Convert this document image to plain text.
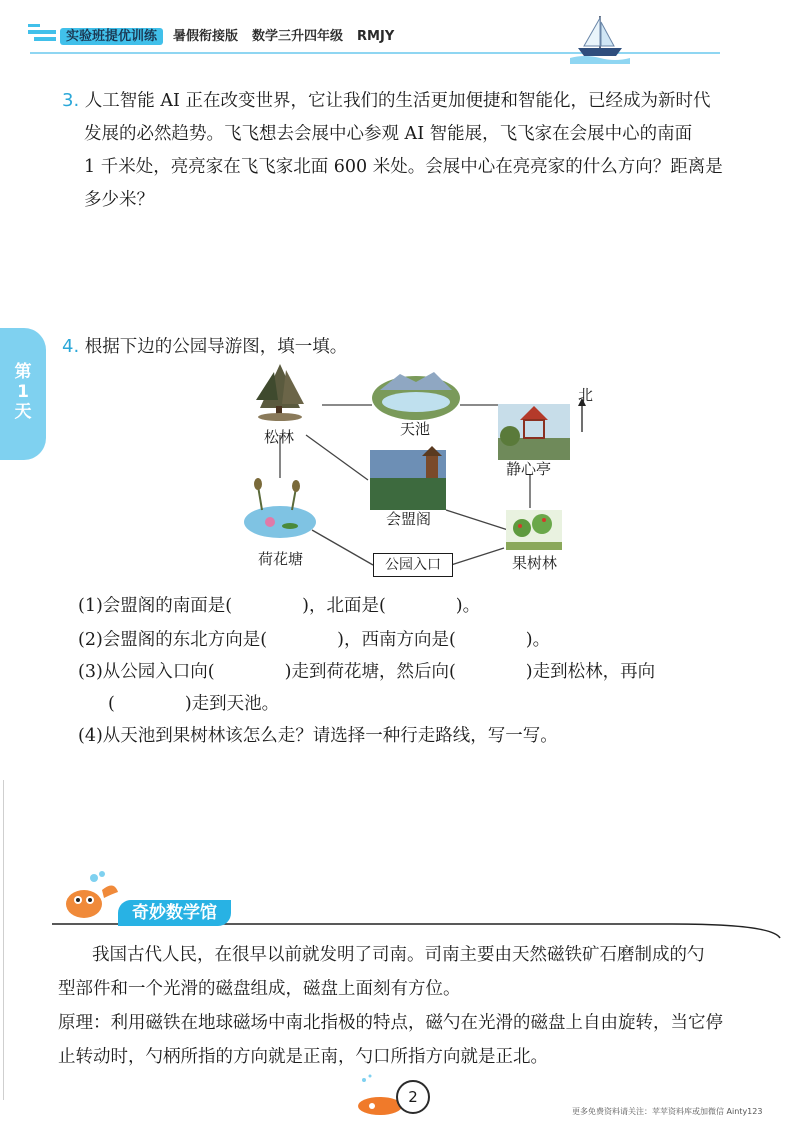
实验班提优训练 暑假衔接版 数学三升四年级 RMJY
第
1
天
3. 人工智能 AI 正在改变世界，它让我们的生活更加便捷和智能化，已经成为新时代
发展的必然趋势。飞飞想去会展中心参观 AI 智能展，飞飞家在会展中心的南面
1 千米处，亮亮家在飞飞家北面 600 米处。会展中心在亮亮家的什么方向？距离是
多少米？
4. 根据下边的公园导游图，填一填。
北
松林	天池
静心亭
会盟阁
荷花塘	果树林
公园入口
(1)会盟阁的南面是(　　　　)，北面是(　　　　)。
(2)会盟阁的东北方向是(　　　　)，西南方向是(　　　　)。
(3)从公园入口向(　　　　)走到荷花塘，然后向(　　　　)走到松林，再向
(　　　　)走到天池。
(4)从天池到果树林该怎么走？请选择一种行走路线，写一写。
奇妙数学馆
我国古代人民，在很早以前就发明了司南。司南主要由天然磁铁矿石磨制成的勺
型部件和一个光滑的磁盘组成，磁盘上面刻有方位。
原理：利用磁铁在地球磁场中南北指极的特点，磁勺在光滑的磁盘上自由旋转，当它停
止转动时，勺柄所指的方向就是正南，勺口所指方向就是正北。
2
更多免费资料请关注：苹苹资料库或加微信 Ainty123
